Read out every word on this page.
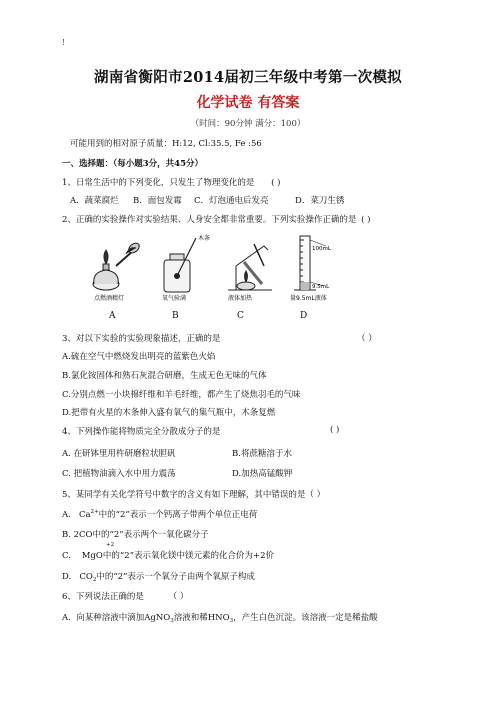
!
湖南省衡阳市2014届初三年级中考第一次模拟
化学试卷 有答案
（时间：90分钟 满分：100）
可能用到的相对原子质量：H:12, Cl:35.5, Fe :56
一、选择题：（每小题3分，共45分）
1、日常生活中的下列变化，只发生了物理变化的是 ( )
A．蔬菜腐烂 B．面包发霉 C．灯泡通电后发亮	D．菜刀生锈
2、正确的实验操作对实验结果、人身安全都非常重要。下列实验操作正确的是 ( )
点燃酒精灯
木条
氧气验满	液体加热
100mL
9.5mL
量9.5mL液体
A	B	C	D
3、对以下实验的实验现象描述，正确的是	（ ）
A.硫在空气中燃烧发出明亮的蓝紫色火焰
B.氯化铵固体和熟石灰混合研磨，生成无色无味的气体
C.分别点燃一小块棉纤维和羊毛纤维，都产生了烧焦羽毛的气味
D.把带有火星的木条伸入盛有氧气的集气瓶中，木条复燃
4、下列操作能将物质完全分散成分子的是	( )
A. 在研钵里用杵研磨粒状胆矾	B.将蔗糖溶于水
C. 把植物油滴入水中用力震荡	D.加热高锰酸钾
5、某同学有关化学符号中数字的含义有如下理解，其中错误的是（ ）
A.   $Ca^{2+}$中的“2”表示一个钙离子带两个单位正电荷
B. 2CO中的“2”表示两个一氧化碳分子
+2
C.    MgO中的“2”表示氧化镁中镁元素的化合价为+2价
D.   $CO_2$中的“2”表示一个氧分子由两个氧原子构成
6、下列说法正确的是	（ ）
A.  向某种溶液中滴加AgNO$_3$溶液和稀$HNO_3$，产生白色沉淀。该溶液一定是稀盐酸
